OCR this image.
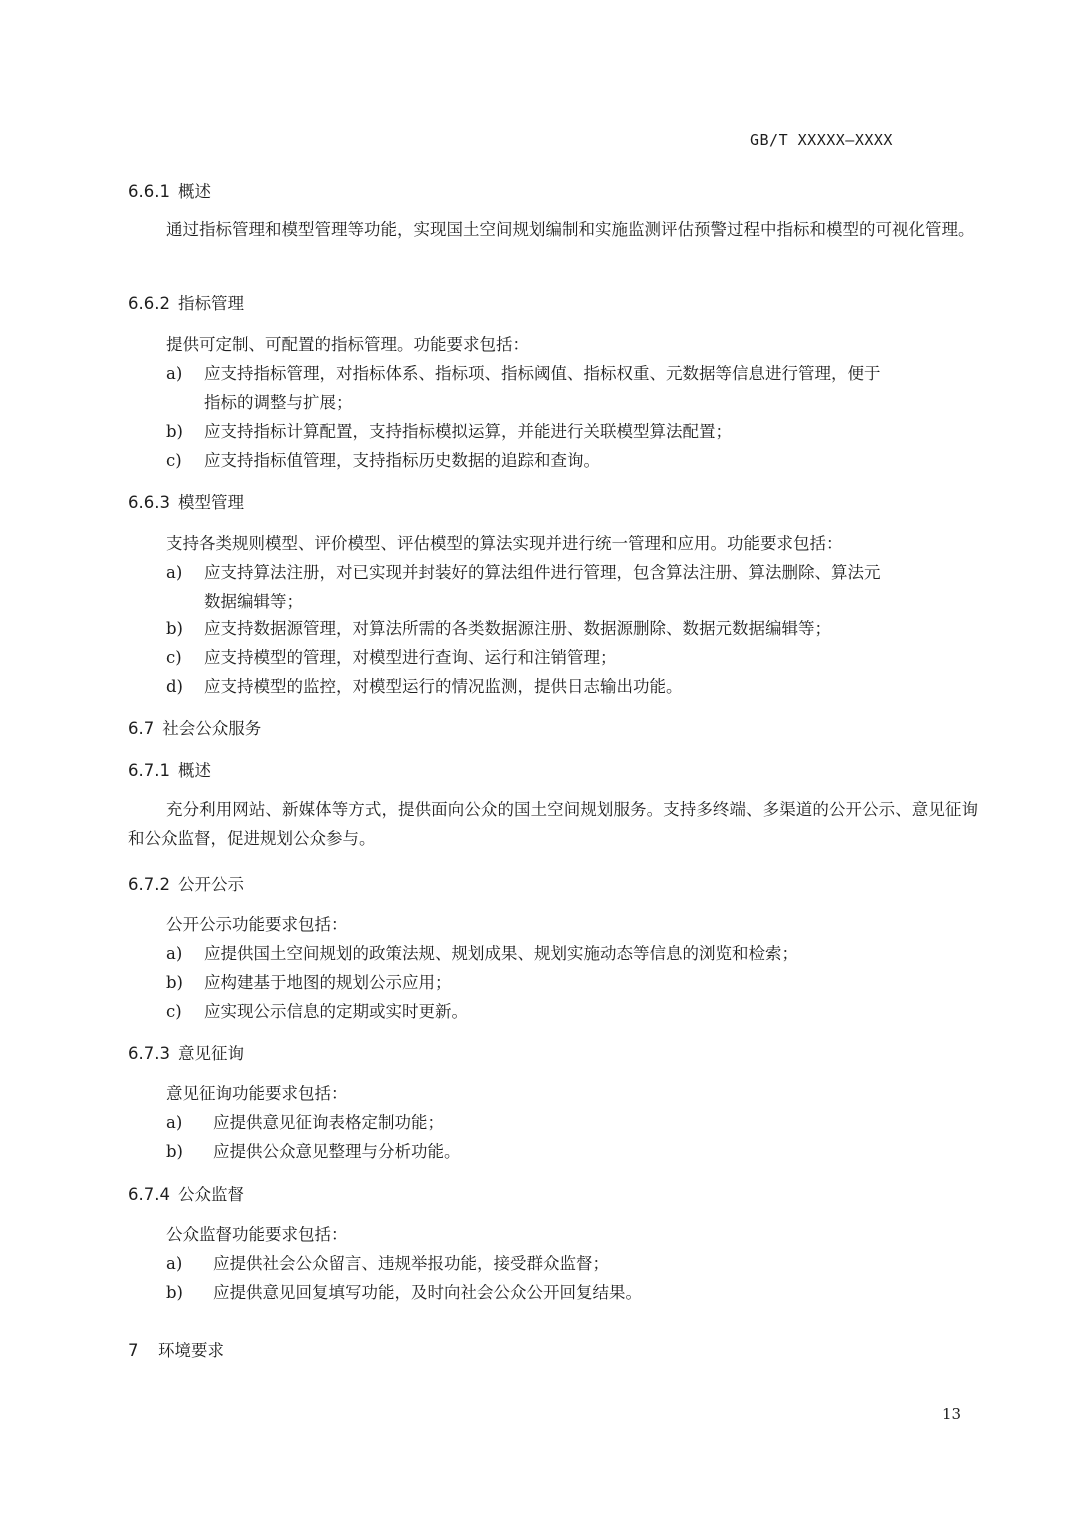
GB/T XXXXX—XXXX
6.6.1 概述
通过指标管理和模型管理等功能，实现国土空间规划编制和实施监测评估预警过程中指标和模型的可视化管理。
6.6.2 指标管理
提供可定制、可配置的指标管理。功能要求包括：
a) 应支持指标管理，对指标体系、指标项、指标阈值、指标权重、元数据等信息进行管理，便于
指标的调整与扩展；
b) 应支持指标计算配置，支持指标模拟运算，并能进行关联模型算法配置；
c) 应支持指标值管理，支持指标历史数据的追踪和查询。
6.6.3 模型管理
支持各类规则模型、评价模型、评估模型的算法实现并进行统一管理和应用。功能要求包括：
a) 应支持算法注册，对已实现并封装好的算法组件进行管理，包含算法注册、算法删除、算法元
数据编辑等；
b) 应支持数据源管理，对算法所需的各类数据源注册、数据源删除、数据元数据编辑等；
c) 应支持模型的管理，对模型进行查询、运行和注销管理；
d) 应支持模型的监控，对模型运行的情况监测，提供日志输出功能。
6.7 社会公众服务
6.7.1 概述
充分利用网站、新媒体等方式，提供面向公众的国土空间规划服务。支持多终端、多渠道的公开公示、意见征询和公众监督，促进规划公众参与。
6.7.2 公开公示
公开公示功能要求包括：
a) 应提供国土空间规划的政策法规、规划成果、规划实施动态等信息的浏览和检索；
b) 应构建基于地图的规划公示应用；
c) 应实现公示信息的定期或实时更新。
6.7.3 意见征询
意见征询功能要求包括：
a) 应提供意见征询表格定制功能；
b) 应提供公众意见整理与分析功能。
6.7.4 公众监督
公众监督功能要求包括：
a) 应提供社会公众留言、违规举报功能，接受群众监督；
b) 应提供意见回复填写功能，及时向社会公众公开回复结果。
7 环境要求
13
